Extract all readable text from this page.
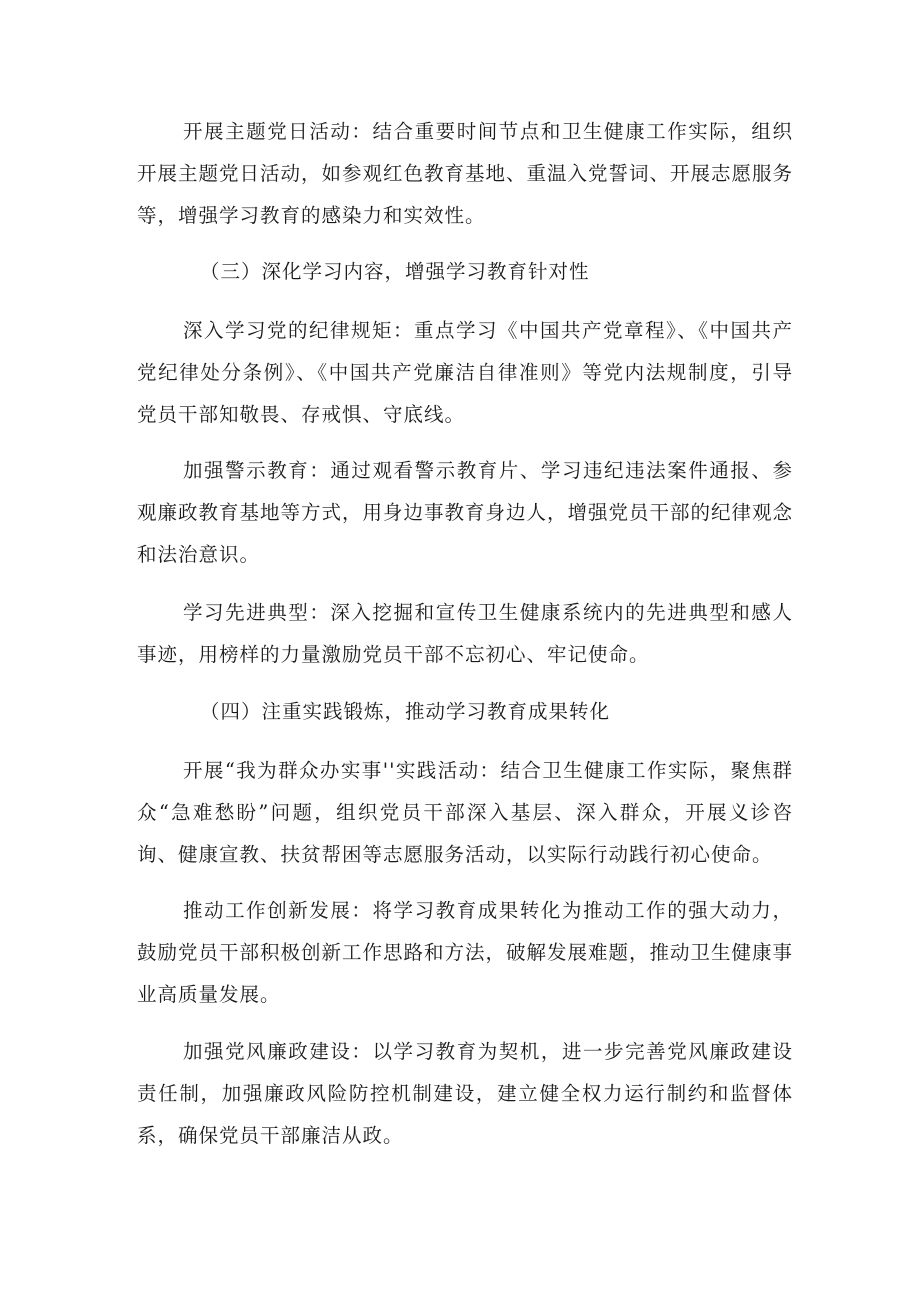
开展主题党日活动：结合重要时间节点和卫生健康工作实际，组织开展主题党日活动，如参观红色教育基地、重温入党誓词、开展志愿服务等，增强学习教育的感染力和实效性。

（三）深化学习内容，增强学习教育针对性

深入学习党的纪律规矩：重点学习《中国共产党章程》、《中国共产党纪律处分条例》、《中国共产党廉洁自律准则》等党内法规制度，引导党员干部知敬畏、存戒惧、守底线。

加强警示教育：通过观看警示教育片、学习违纪违法案件通报、参观廉政教育基地等方式，用身边事教育身边人，增强党员干部的纪律观念和法治意识。

学习先进典型：深入挖掘和宣传卫生健康系统内的先进典型和感人事迹，用榜样的力量激励党员干部不忘初心、牢记使命。

（四）注重实践锻炼，推动学习教育成果转化

开展“我为群众办实事''实践活动：结合卫生健康工作实际，聚焦群众“急难愁盼”问题，组织党员干部深入基层、深入群众，开展义诊咨询、健康宣教、扶贫帮困等志愿服务活动，以实际行动践行初心使命。

推动工作创新发展：将学习教育成果转化为推动工作的强大动力，鼓励党员干部积极创新工作思路和方法，破解发展难题，推动卫生健康事业高质量发展。

加强党风廉政建设：以学习教育为契机，进一步完善党风廉政建设责任制，加强廉政风险防控机制建设，建立健全权力运行制约和监督体系，确保党员干部廉洁从政。
